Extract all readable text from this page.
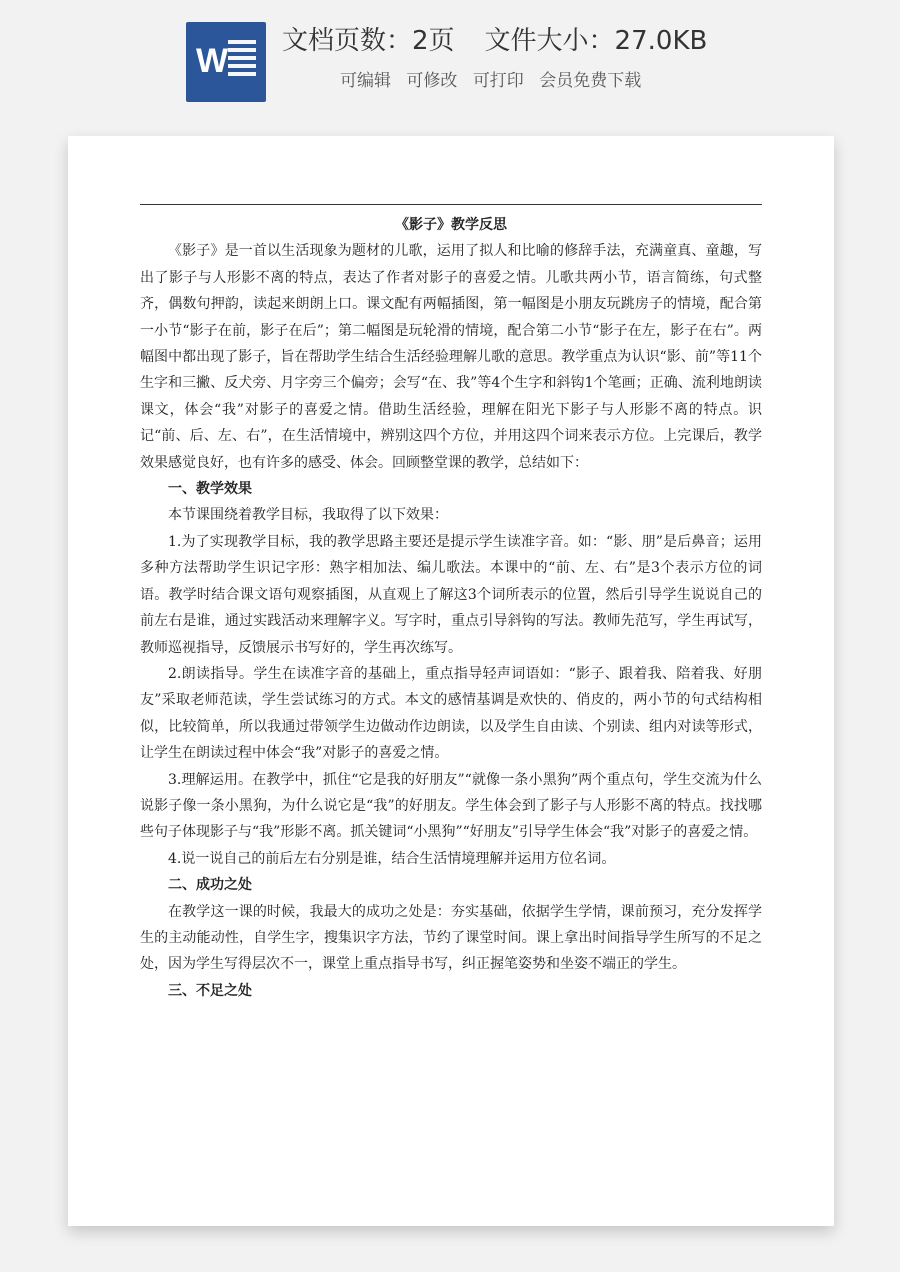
W
文档页数：2页 文件大小：27.0KB
可编辑 可修改 可打印 会员免费下载
《影子》教学反思

《影子》是一首以生活现象为题材的儿歌，运用了拟人和比喻的修辞手法，充满童真、童趣，写出了影子与人形影不离的特点，表达了作者对影子的喜爱之情。儿歌共两小节，语言简练，句式整齐，偶数句押韵，读起来朗朗上口。课文配有两幅插图，第一幅图是小朋友玩跳房子的情境，配合第一小节“影子在前，影子在后”；第二幅图是玩轮滑的情境，配合第二小节“影子在左，影子在右”。两幅图中都出现了影子，旨在帮助学生结合生活经验理解儿歌的意思。教学重点为认识“影、前”等11个生字和三撇、反犬旁、月字旁三个偏旁；会写“在、我”等4个生字和斜钩1个笔画；正确、流利地朗读课文，体会“我”对影子的喜爱之情。借助生活经验，理解在阳光下影子与人形影不离的特点。识记“前、后、左、右”，在生活情境中，辨别这四个方位，并用这四个词来表示方位。上完课后，教学效果感觉良好，也有许多的感受、体会。回顾整堂课的教学，总结如下：

一、教学效果

本节课围绕着教学目标，我取得了以下效果：

1.为了实现教学目标，我的教学思路主要还是提示学生读准字音。如：“影、朋”是后鼻音；运用多种方法帮助学生识记字形：熟字相加法、编儿歌法。本课中的“前、左、右”是3个表示方位的词语。教学时结合课文语句观察插图，从直观上了解这3个词所表示的位置，然后引导学生说说自己的前左右是谁，通过实践活动来理解字义。写字时，重点引导斜钩的写法。教师先范写，学生再试写，教师巡视指导，反馈展示书写好的，学生再次练写。

2.朗读指导。学生在读准字音的基础上，重点指导轻声词语如：“影子、跟着我、陪着我、好朋友”采取老师范读，学生尝试练习的方式。本文的感情基调是欢快的、俏皮的，两小节的句式结构相似，比较简单，所以我通过带领学生边做动作边朗读，以及学生自由读、个别读、组内对读等形式，让学生在朗读过程中体会“我”对影子的喜爱之情。

3.理解运用。在教学中，抓住“它是我的好朋友”“就像一条小黑狗”两个重点句，学生交流为什么说影子像一条小黑狗，为什么说它是“我”的好朋友。学生体会到了影子与人形影不离的特点。找找哪些句子体现影子与“我”形影不离。抓关键词“小黑狗”“好朋友”引导学生体会“我”对影子的喜爱之情。

4.说一说自己的前后左右分别是谁，结合生活情境理解并运用方位名词。

二、成功之处

在教学这一课的时候，我最大的成功之处是：夯实基础，依据学生学情，课前预习，充分发挥学生的主动能动性，自学生字，搜集识字方法，节约了课堂时间。课上拿出时间指导学生所写的不足之处，因为学生写得层次不一，课堂上重点指导书写，纠正握笔姿势和坐姿不端正的学生。

三、不足之处
